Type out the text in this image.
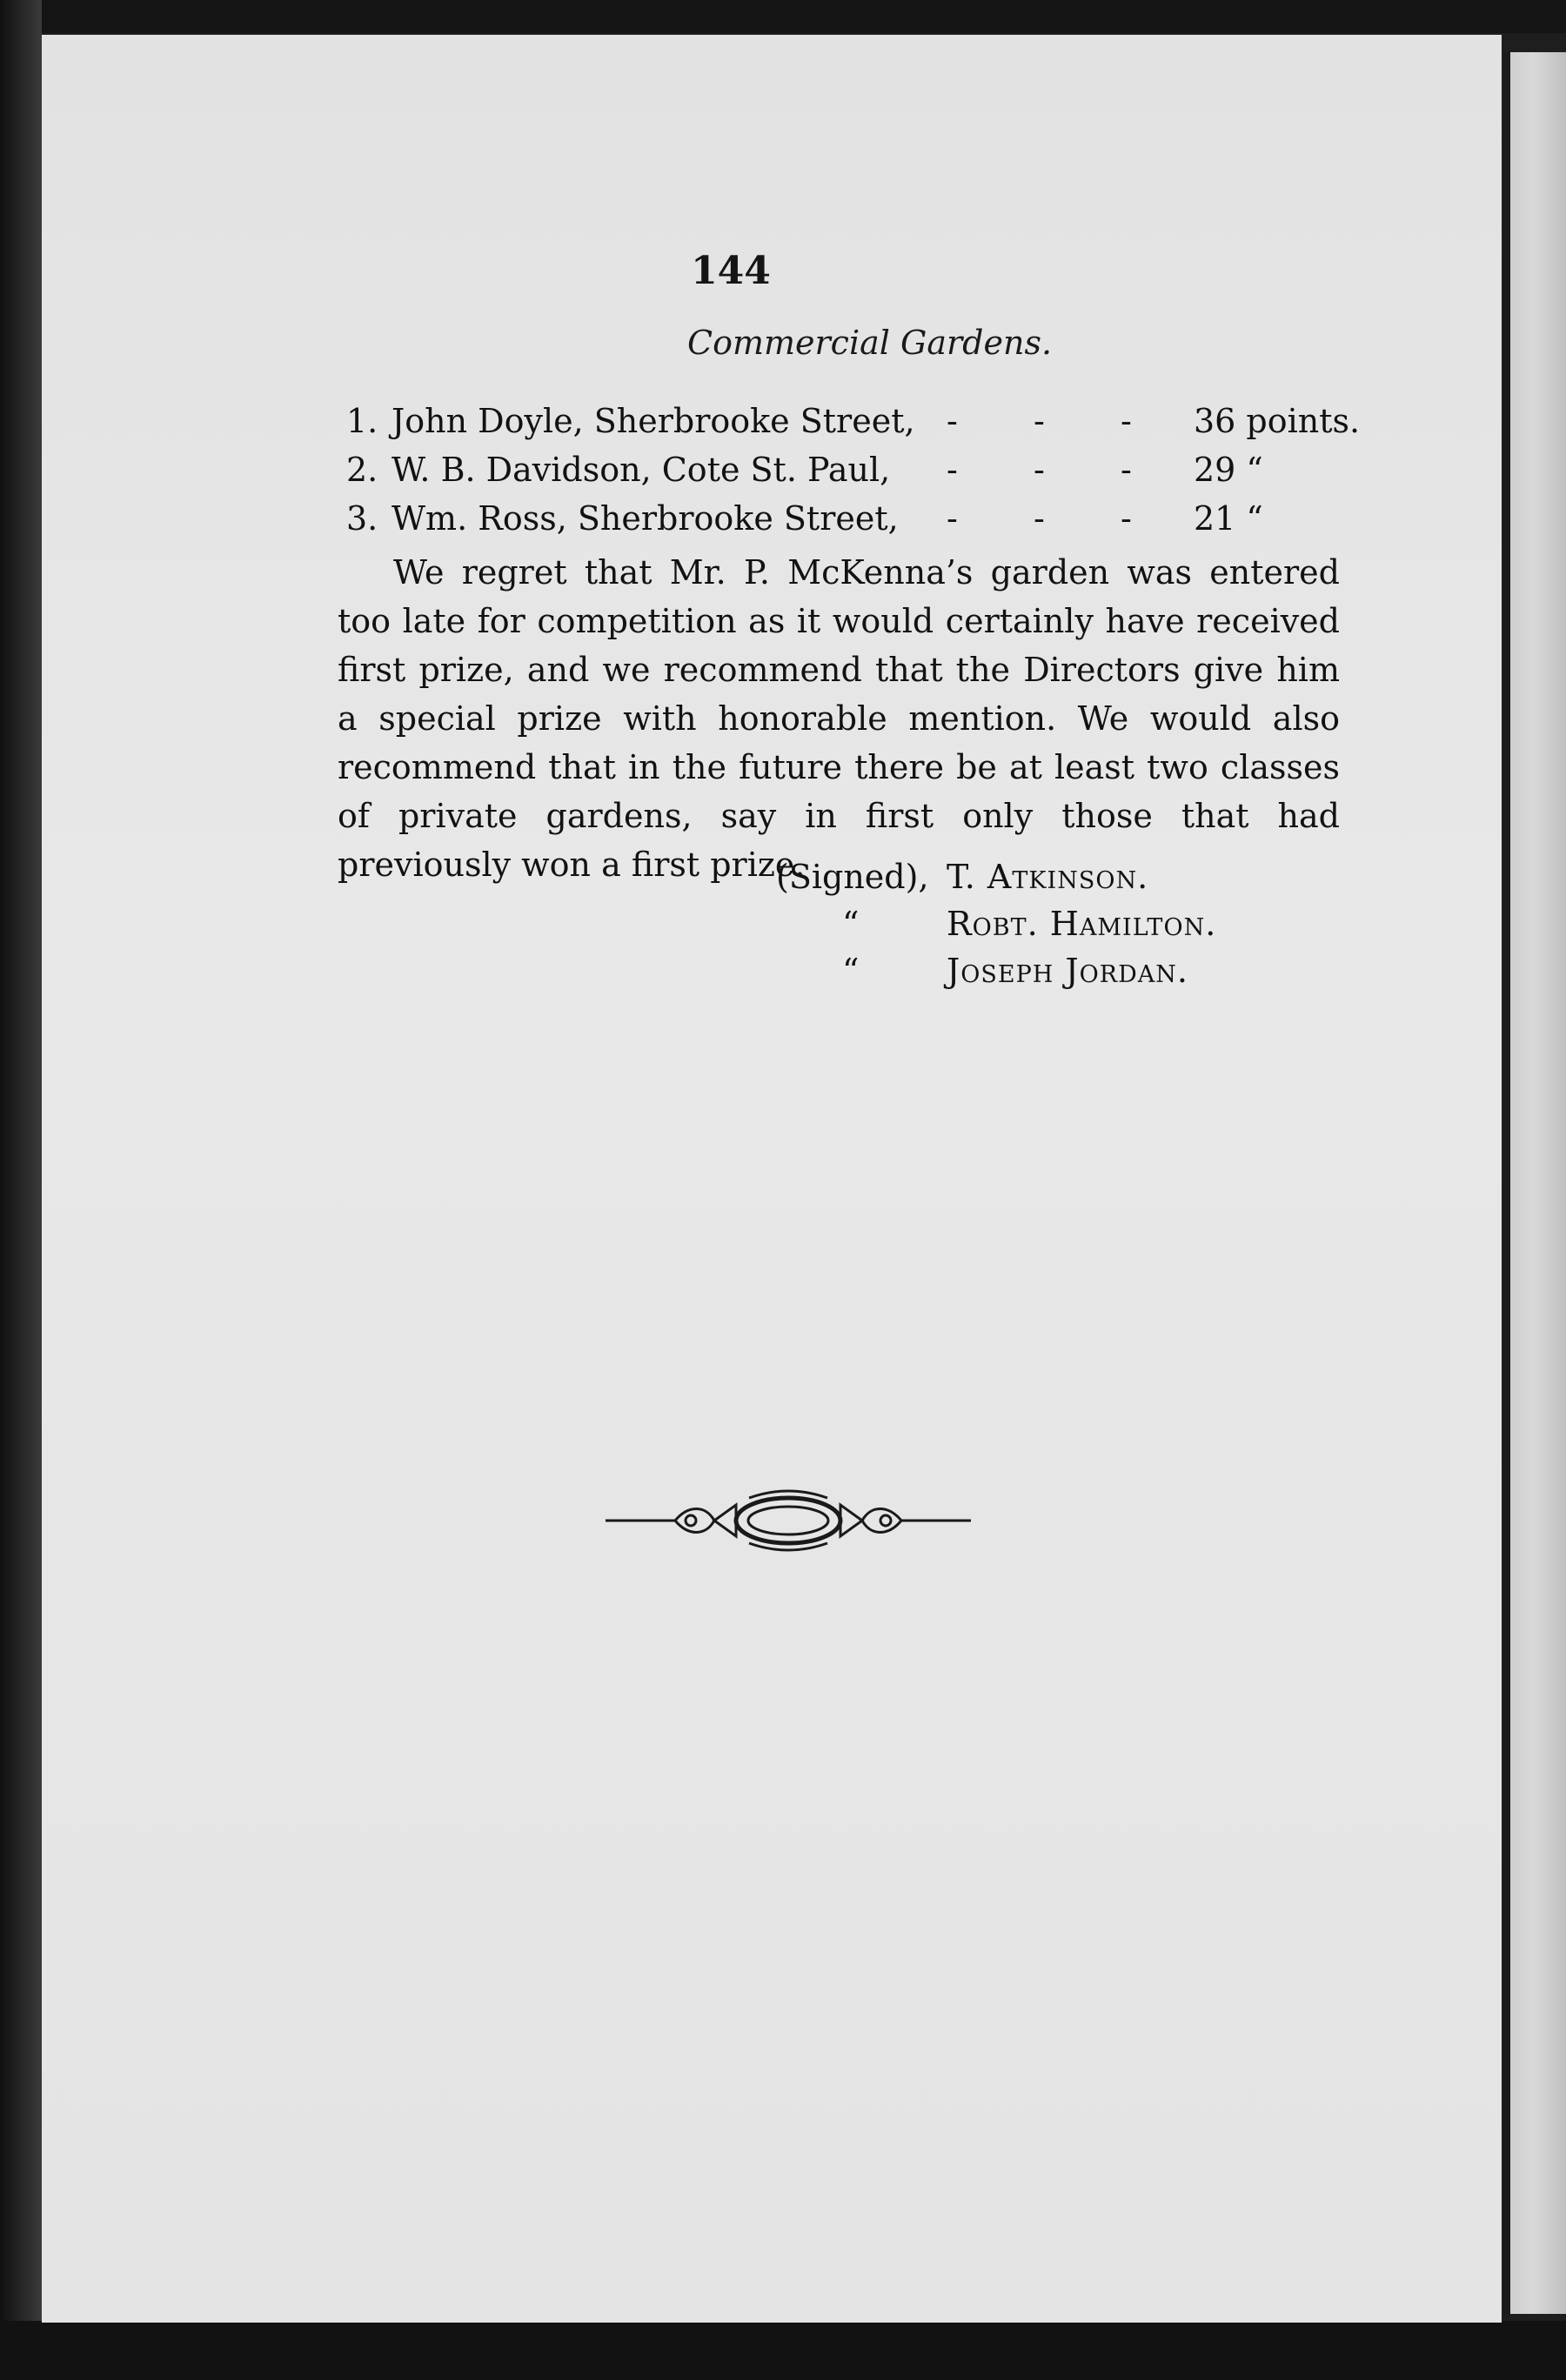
144
Commercial Gardens.
1. John Doyle, Sherbrooke Street, - - - 36 points.
2. W. B. Davidson, Cote St. Paul, - - - 29 “
3. Wm. Ross, Sherbrooke Street, - - - 21 “
We regret that Mr. P. McKenna’s garden was entered too late for competition as it would certainly have received first prize, and we recommend that the Directors give him a special prize with honorable mention. We would also recommend that in the future there be at least two classes of private gardens, say in first only those that had previously won a first prize.
(Signed), T. Atkinson.
“	Robt. Hamilton.
“	Joseph Jordan.
